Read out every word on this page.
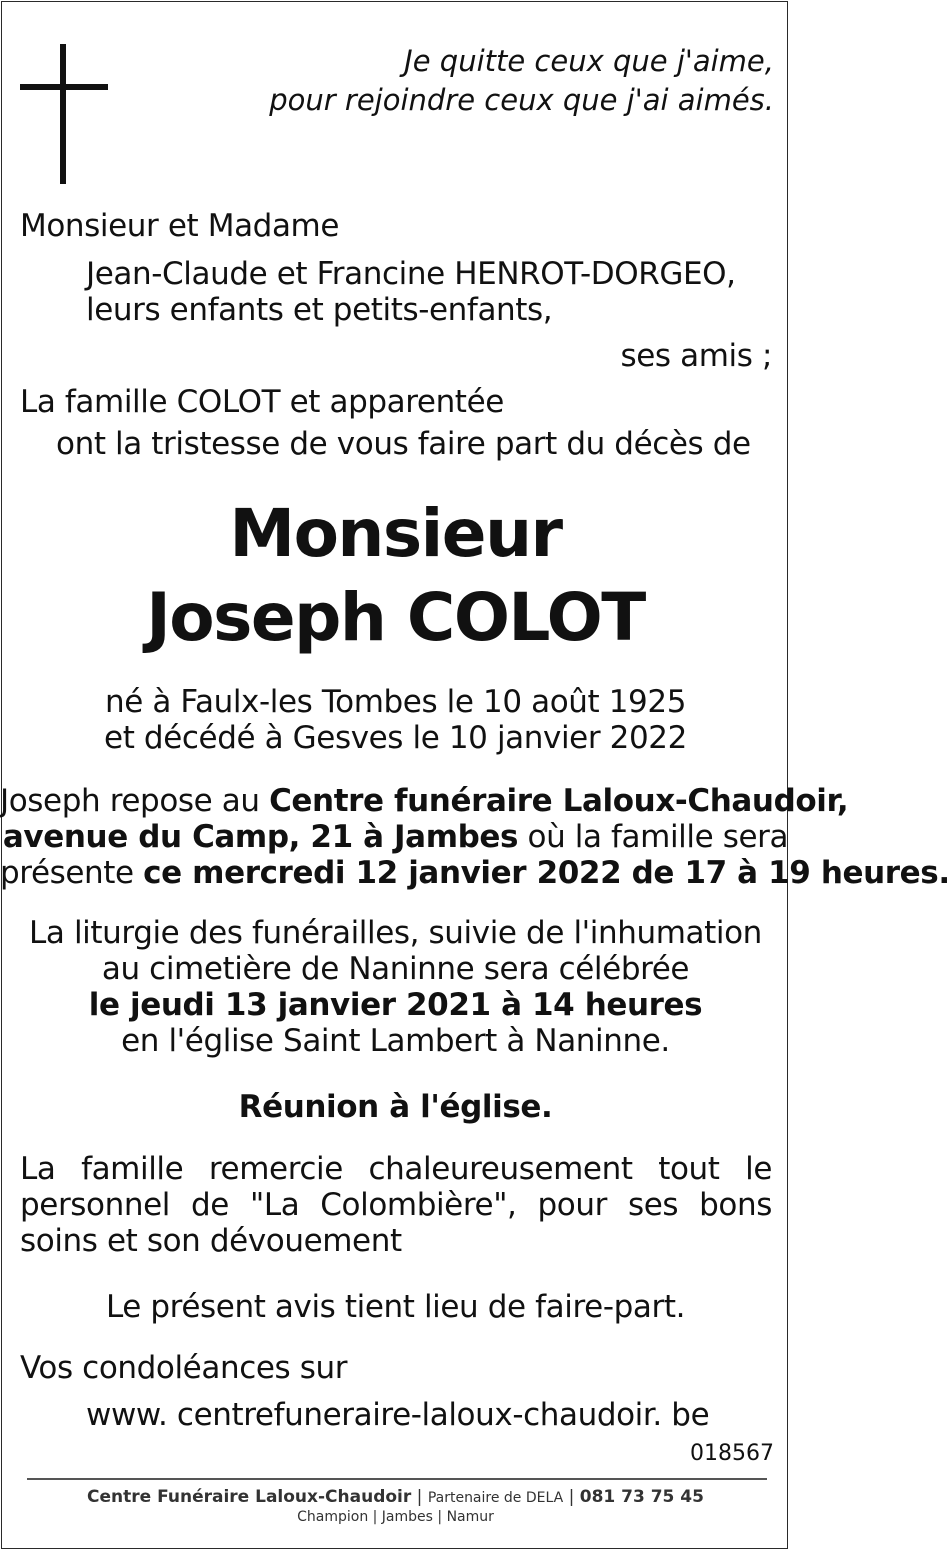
Je quitte ceux que j'aime,
pour rejoindre ceux que j'ai aimés.
Monsieur et Madame
Jean-Claude et Francine HENROT-DORGEO,
leurs enfants et petits-enfants,
ses amis ;
La famille COLOT et apparentée
ont la tristesse de vous faire part du décès de
Monsieur
Joseph COLOT
né à Faulx-les Tombes le 10 août 1925
et décédé à Gesves le 10 janvier 2022
Joseph repose au Centre funéraire Laloux-Chaudoir,
avenue du Camp, 21 à Jambes où la famille sera
présente ce mercredi 12 janvier 2022 de 17 à 19 heures.
La liturgie des funérailles, suivie de l'inhumation
au cimetière de Naninne sera célébrée
le jeudi 13 janvier 2021 à 14 heures
en l'église Saint Lambert à Naninne.
Réunion à l'église.
La famille remercie chaleureusement tout le personnel de "La Colombière", pour ses bons soins et son dévouement
Le présent avis tient lieu de faire-part.
Vos condoléances sur
www. centrefuneraire-laloux-chaudoir. be
018567
Centre Funéraire Laloux-Chaudoir | Partenaire de DELA | 081 73 75 45
Champion | Jambes | Namur
